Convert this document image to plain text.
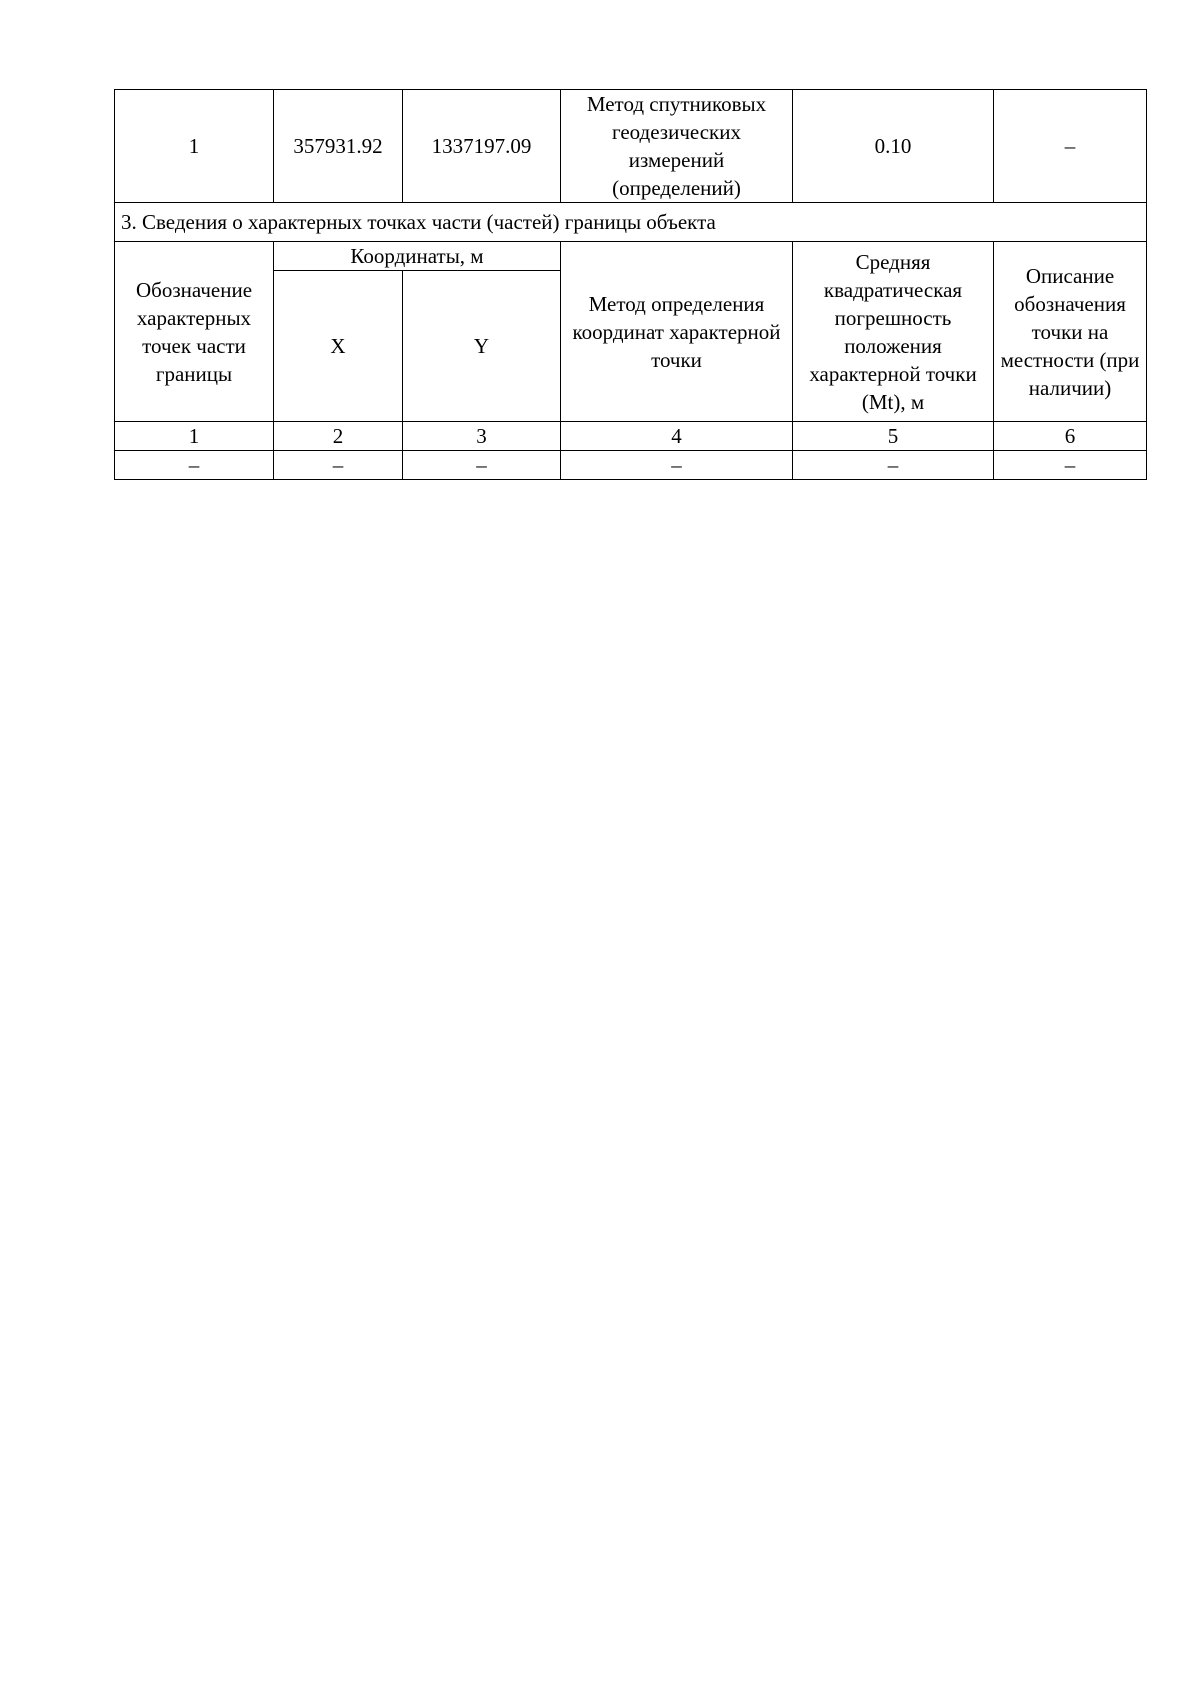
1	357931.92	1337197.09	Метод спутниковых геодезических измерений (определений)	0.10	–
3. Сведения о характерных точках части (частей) границы объекта					
Обозначение характерных точек части границы	Координаты, м		Метод определения координат характерной точки	Средняя квадратическая погрешность положения характерной точки (Мt), м	Описание обозначения точки на местности (при наличии)
	X	Y			
1	2	3	4	5	6
–	–	–	–	–	–
